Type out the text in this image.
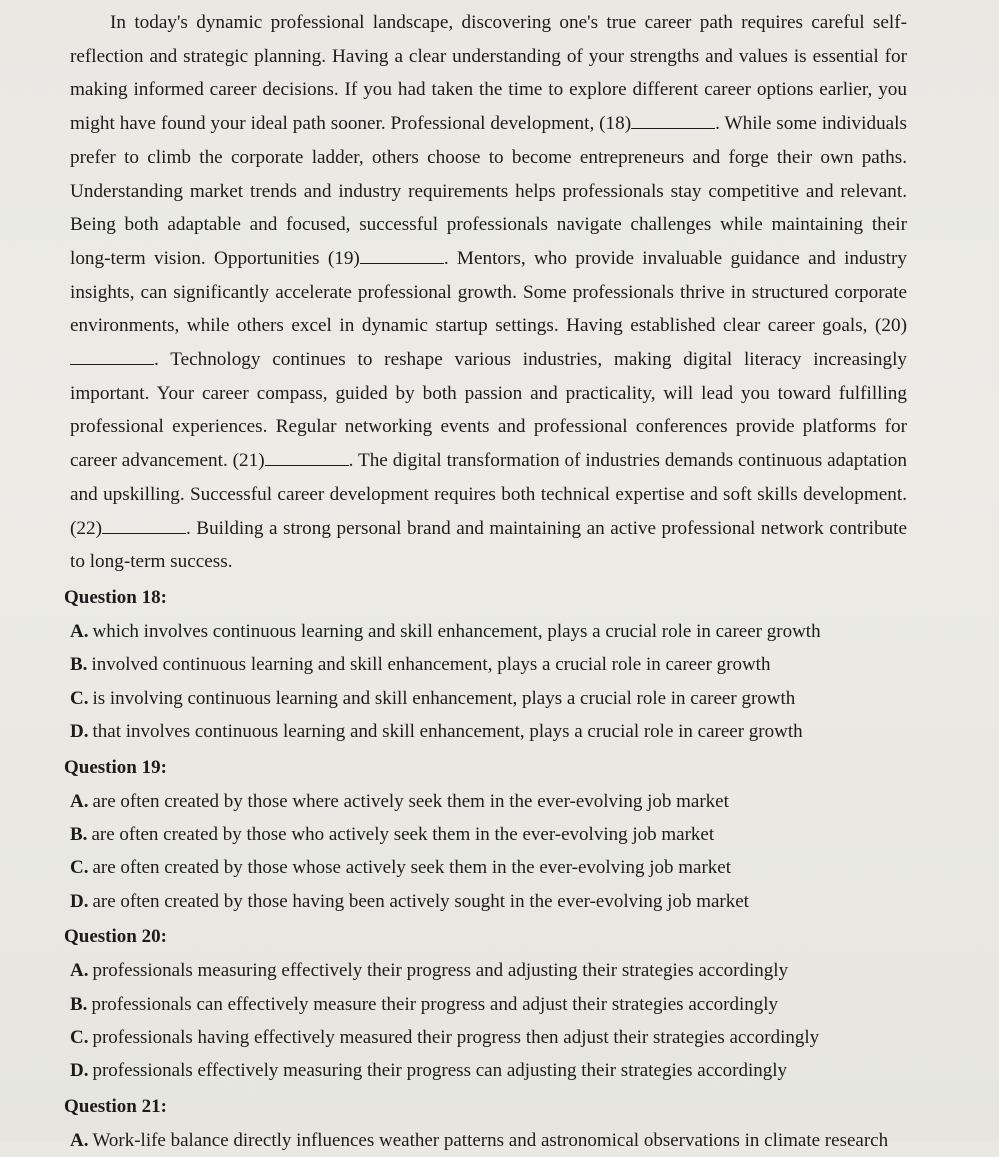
In today's dynamic professional landscape, discovering one's true career path requires careful self-reflection and strategic planning. Having a clear understanding of your strengths and values is essential for making informed career decisions. If you had taken the time to explore different career options earlier, you might have found your ideal path sooner. Professional development, (18)	. While some individuals prefer to climb the corporate ladder, others choose to become entrepreneurs and forge their own paths. Understanding market trends and industry requirements helps professionals stay competitive and relevant. Being both adaptable and focused, successful professionals navigate challenges while maintaining their long-term vision. Opportunities (19)	. Mentors, who provide invaluable guidance and industry insights, can significantly accelerate professional growth. Some professionals thrive in structured corporate environments, while others excel in dynamic startup settings. Having established clear career goals, (20). Technology continues to reshape various industries, making digital literacy increasingly important. Your career compass, guided by both passion and practicality, will lead you toward fulfilling professional experiences. Regular networking events and professional conferences provide platforms for career advancement. (21)	. The digital transformation of industries demands continuous adaptation and upskilling. Successful career development requires both technical expertise and soft skills development. (22)	. Building a strong personal brand and maintaining an active professional network contribute to long-term success.

Question 18:
A. which involves continuous learning and skill enhancement, plays a crucial role in career growth
B. involved continuous learning and skill enhancement, plays a crucial role in career growth
C. is involving continuous learning and skill enhancement, plays a crucial role in career growth
D. that involves continuous learning and skill enhancement, plays a crucial role in career growth
Question 19:
A. are often created by those where actively seek them in the ever-evolving job market
B. are often created by those who actively seek them in the ever-evolving job market
C. are often created by those whose actively seek them in the ever-evolving job market
D. are often created by those having been actively sought in the ever-evolving job market
Question 20:
A. professionals measuring effectively their progress and adjusting their strategies accordingly
B. professionals can effectively measure their progress and adjust their strategies accordingly
C. professionals having effectively measured their progress then adjust their strategies accordingly
D. professionals effectively measuring their progress can adjusting their strategies accordingly
Question 21:
A. Work-life balance directly influences weather patterns and astronomical observations in climate research
